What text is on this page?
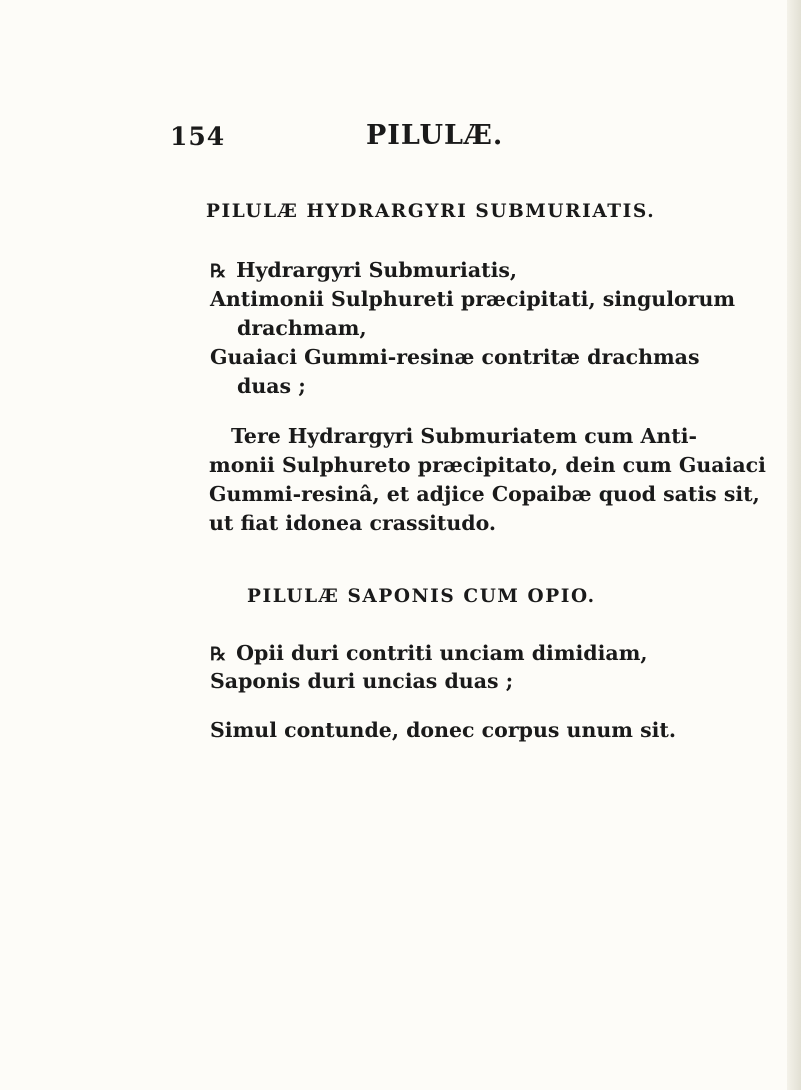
154	PILULÆ.
PILULÆ HYDRARGYRI SUBMURIATIS.
℞ Hydrargyri Submuriatis,
Antimonii Sulphureti præcipitati, singulorum
drachmam,
Guaiaci Gummi-resinæ contritæ drachmas
duas ;
Tere Hydrargyri Submuriatem cum Anti-
monii Sulphureto præcipitato, dein cum Guaiaci
Gummi-resinâ, et adjice Copaibæ quod satis sit,
ut fiat idonea crassitudo.
PILULÆ SAPONIS CUM OPIO.
℞ Opii duri contriti unciam dimidiam,
Saponis duri uncias duas ;
Simul contunde, donec corpus unum sit.
